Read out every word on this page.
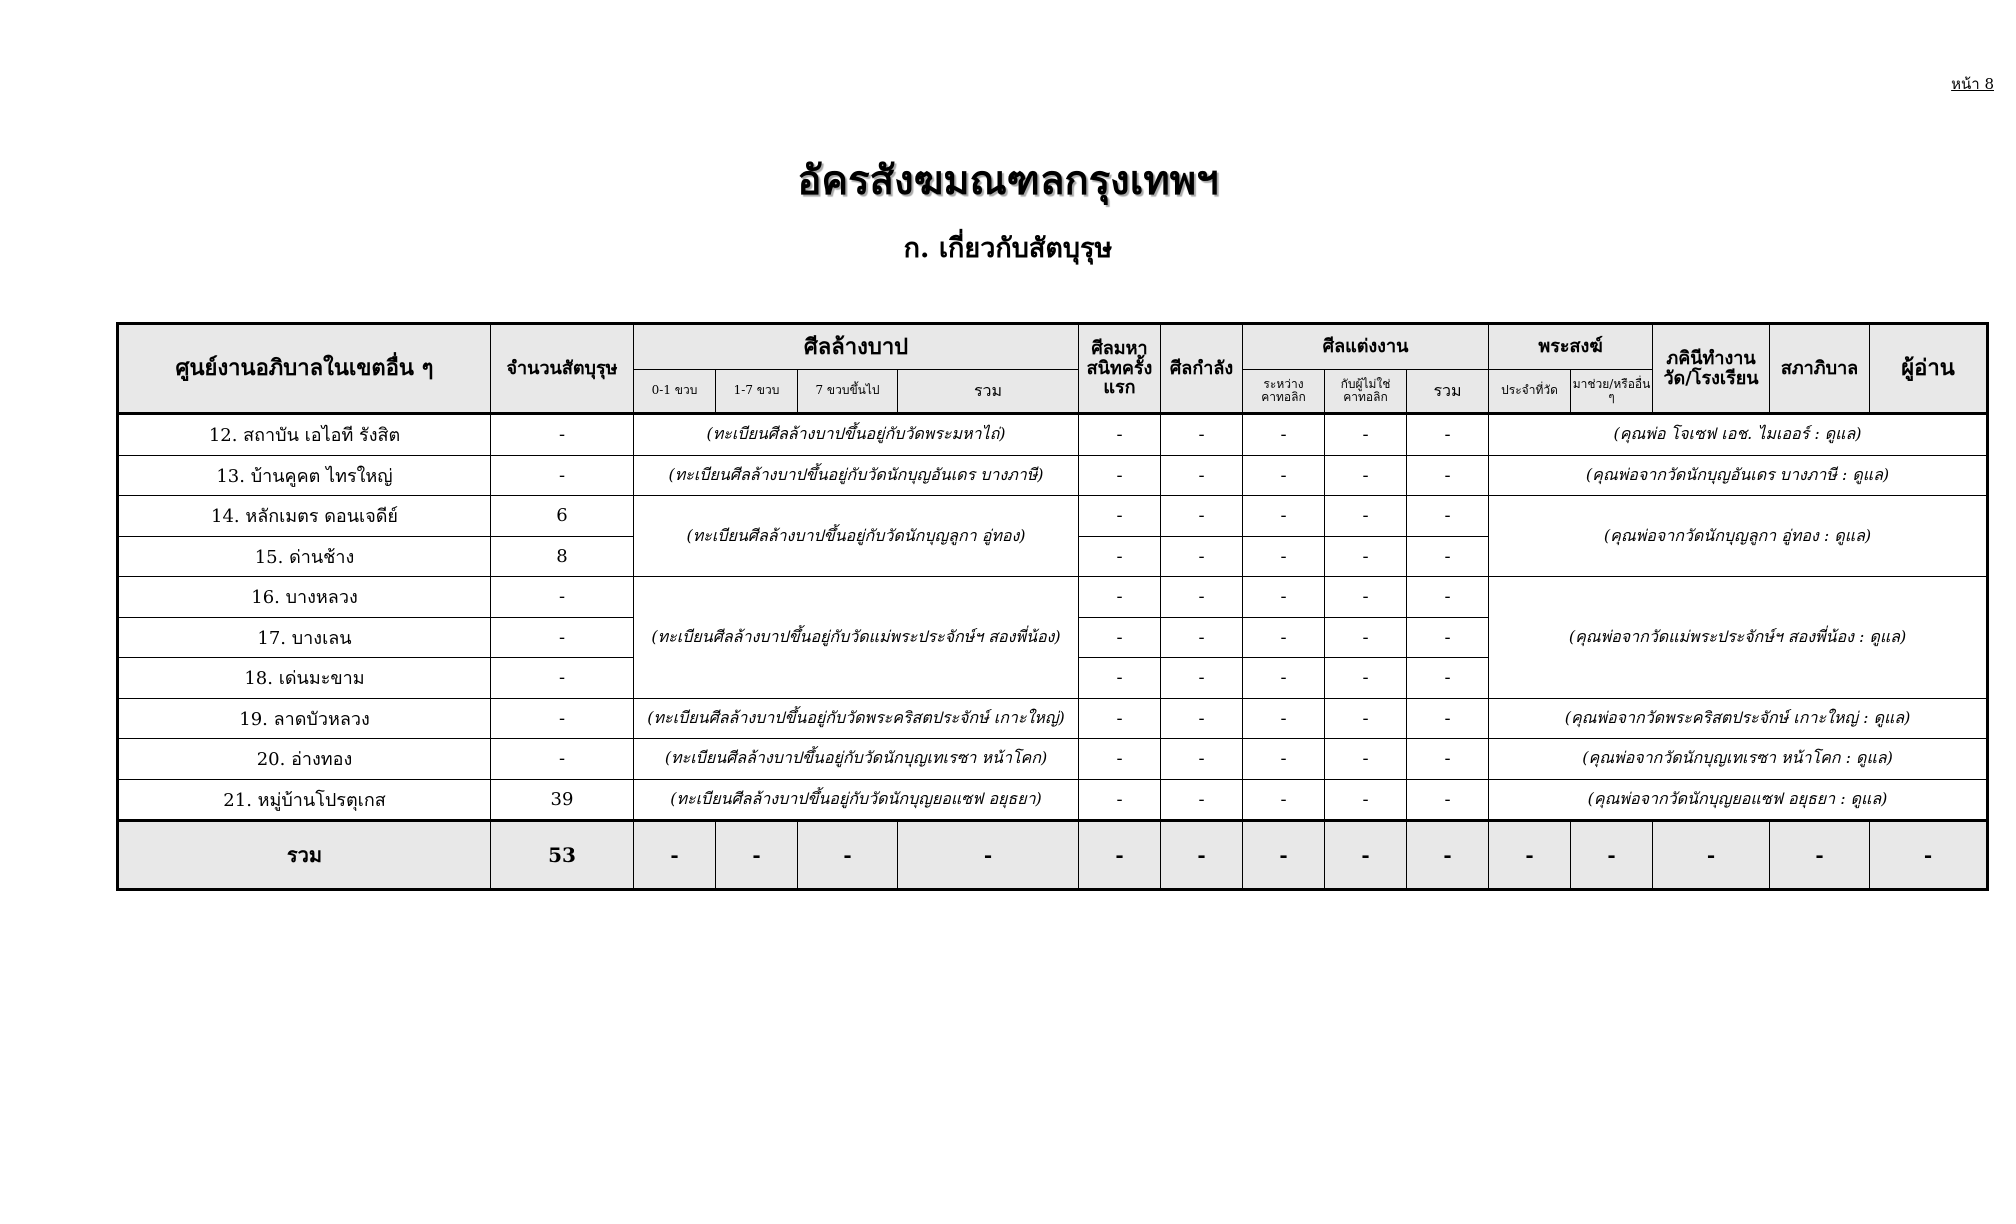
หน้า 8
อัครสังฆมณฑลกรุงเทพฯ
ก. เกี่ยวกับสัตบุรุษ
ศูนย์งานอภิบาลในเขตอื่น ๆ	จำนวนสัตบุรุษ	ศีลล้างบาป				ศีลมหาสนิทครั้งแรก	ศีลกำลัง	ศีลแต่งงาน			พระสงฆ์		ภคินีทำงานวัด/โรงเรียน	สภาภิบาล	ผู้อ่าน
		0-1 ขวบ	1-7 ขวบ	7 ขวบขึ้นไป	รวม			ระหว่างคาทอลิก	กับผู้ไม่ใช่คาทอลิก	รวม	ประจำที่วัด	มาช่วย/หรืออื่น ๆ			
12. สถาบัน เอไอที รังสิต	-	(ทะเบียนศีลล้างบาปขึ้นอยู่กับวัดพระมหาไถ่)				-	-	-	-	-	(คุณพ่อ โจเซฟ เอช. ไมเออร์ : ดูแล)				
13. บ้านคูคต ไทรใหญ่	-	(ทะเบียนศีลล้างบาปขึ้นอยู่กับวัดนักบุญอันเดร บางภาษี)				-	-	-	-	-	(คุณพ่อจากวัดนักบุญอันเดร บางภาษี : ดูแล)				
14. หลักเมตร ดอนเจดีย์	6	(ทะเบียนศีลล้างบาปขึ้นอยู่กับวัดนักบุญลูกา อู่ทอง)				-	-	-	-	-	(คุณพ่อจากวัดนักบุญลูกา อู่ทอง : ดูแล)				
15. ด่านช้าง	8					-	-	-	-	-					
16. บางหลวง	-	(ทะเบียนศีลล้างบาปขึ้นอยู่กับวัดแม่พระประจักษ์ฯ สองพี่น้อง)				-	-	-	-	-	(คุณพ่อจากวัดแม่พระประจักษ์ฯ สองพี่น้อง : ดูแล)				
17. บางเลน	-					-	-	-	-	-					
18. เด่นมะขาม	-					-	-	-	-	-					
19. ลาดบัวหลวง	-	(ทะเบียนศีลล้างบาปขึ้นอยู่กับวัดพระคริสตประจักษ์ เกาะใหญ่)				-	-	-	-	-	(คุณพ่อจากวัดพระคริสตประจักษ์ เกาะใหญ่ : ดูแล)				
20. อ่างทอง	-	(ทะเบียนศีลล้างบาปขึ้นอยู่กับวัดนักบุญเทเรซา หน้าโคก)				-	-	-	-	-	(คุณพ่อจากวัดนักบุญเทเรซา หน้าโคก : ดูแล)				
21. หมู่บ้านโปรตุเกส	39	(ทะเบียนศีลล้างบาปขึ้นอยู่กับวัดนักบุญยอแซฟ อยุธยา)				-	-	-	-	-	(คุณพ่อจากวัดนักบุญยอแซฟ อยุธยา : ดูแล)				
รวม	53	-	-	-	-	-	-	-	-	-	-	-	-	-	-
